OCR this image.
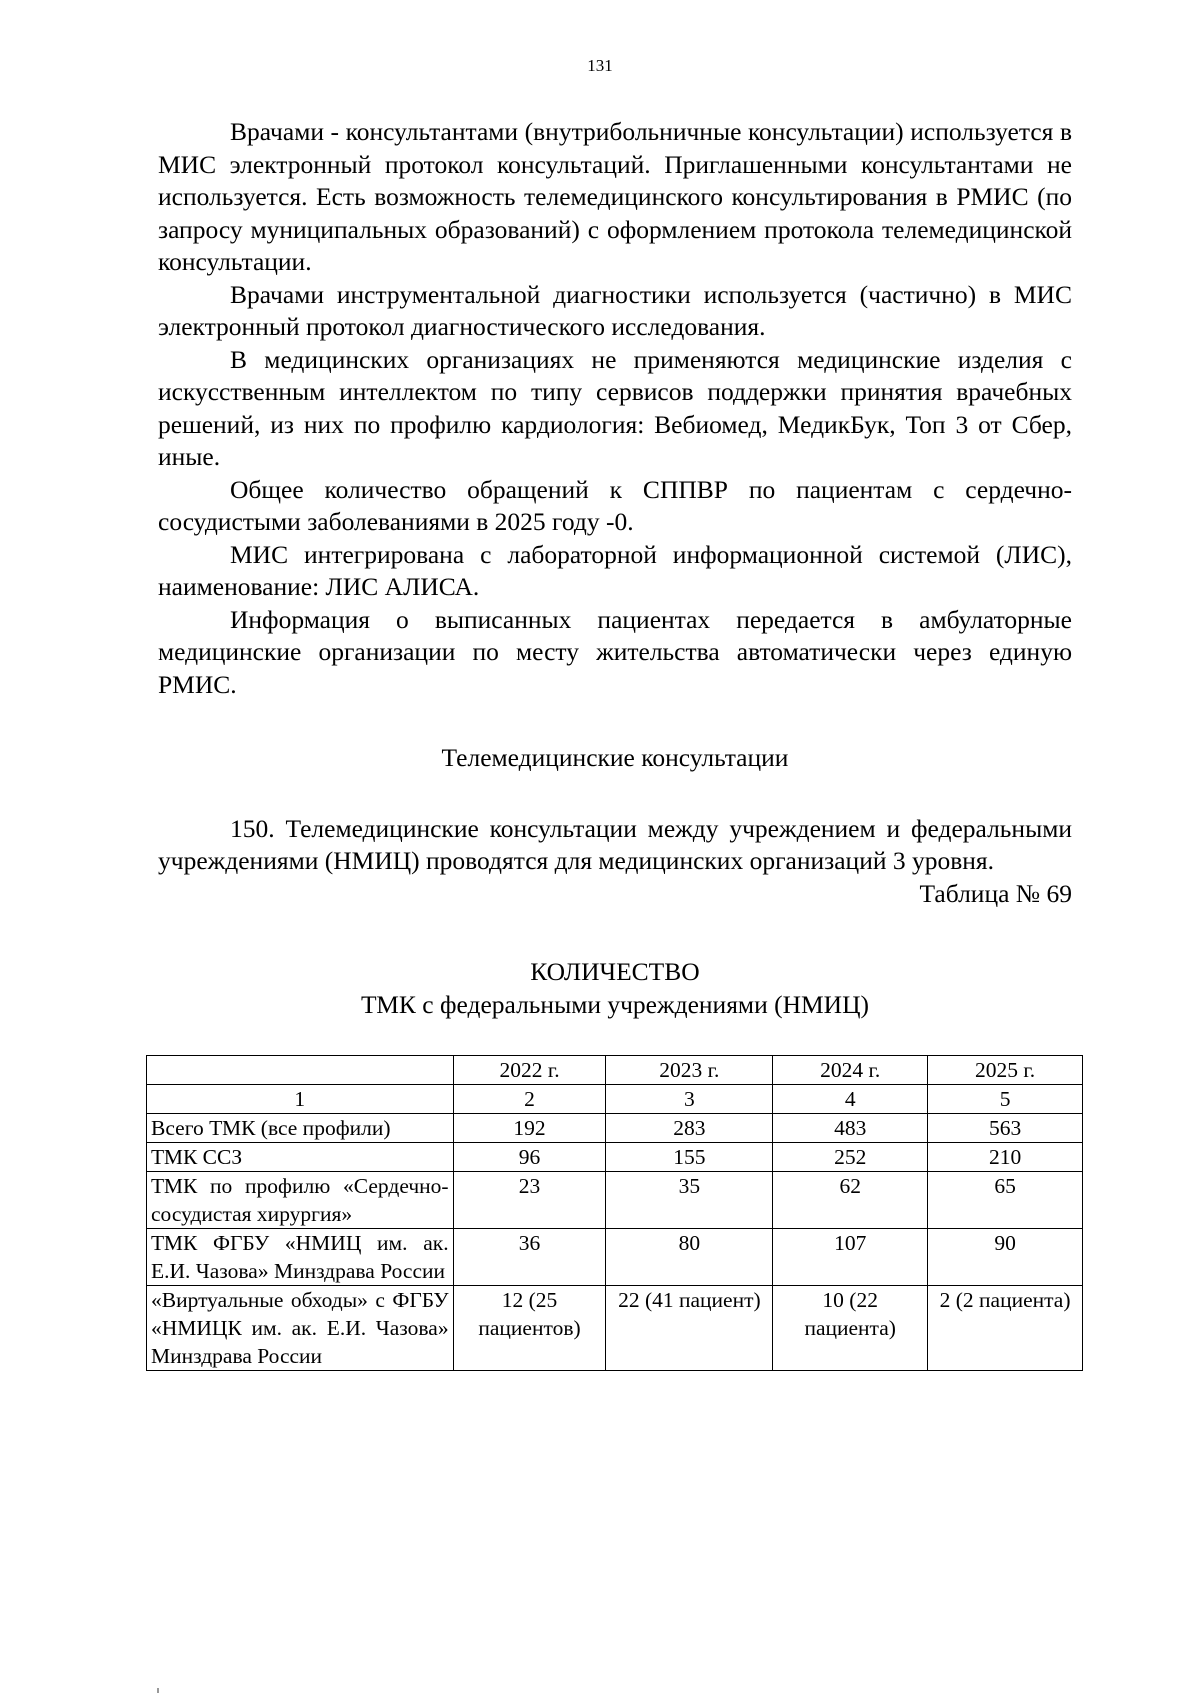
131

Врачами - консультантами (внутрибольничные консультации) используется в МИС электронный протокол консультаций. Приглашенными консультантами не используется. Есть возможность телемедицинского консультирования в РМИС (по запросу муниципальных образований) с оформлением протокола телемедицинской консультации.

Врачами инструментальной диагностики используется (частично) в МИС электронный протокол диагностического исследования.

В медицинских организациях не применяются медицинские изделия с искусственным интеллектом по типу сервисов поддержки принятия врачебных решений, из них по профилю кардиология: Вебиомед, МедикБук, Топ 3 от Сбер, иные.

Общее количество обращений к СППВР по пациентам с сердечно-сосудистыми заболеваниями в 2025 году -0.

МИС интегрирована с лабораторной информационной системой (ЛИС), наименование: ЛИС АЛИСА.

Информация о выписанных пациентах передается в амбулаторные медицинские организации по месту жительства автоматически через единую РМИС.

Телемедицинские консультации

150. Телемедицинские консультации между учреждением и федеральными учреждениями (НМИЦ) проводятся для медицинских организаций 3 уровня.

Таблица № 69

КОЛИЧЕСТВО

ТМК с федеральными учреждениями (НМИЦ)

	2022 г.	2023 г.	2024 г.	2025 г.
1	2	3	4	5
Всего ТМК (все профили)	192	283	483	563
ТМК ССЗ	96	155	252	210
ТМК по профилю «Сердечно-сосудистая хирургия»	23	35	62	65
ТМК ФГБУ «НМИЦ им. ак. Е.И. Чазова» Минздрава России	36	80	107	90
«Виртуальные обходы» с ФГБУ «НМИЦК им. ак. Е.И. Чазова» Минздрава России	12 (25 пациентов)	22 (41 пациент)	10 (22 пациента)	2 (2 пациента)
